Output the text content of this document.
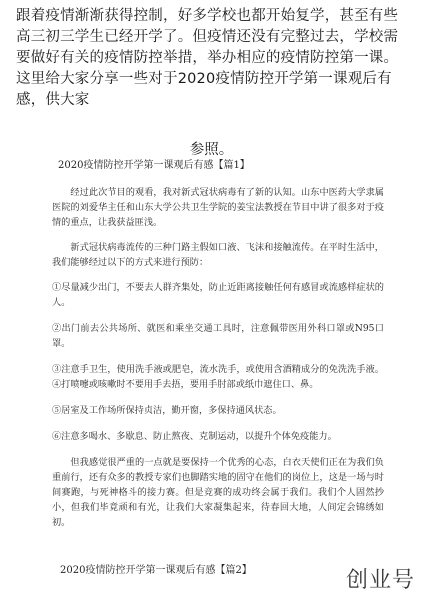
跟着疫情渐渐获得控制，好多学校也都开始复学，甚至有些高三初三学生已经开学了。但疫情还没有完整过去，学校需要做好有关的疫情防控举措，举办相应的疫情防控第一课。这里给大家分享一些对于2020疫情防控开学第一课观后有感，供大家
参照。
2020疫情防控开学第一课观后有感【篇1】

经过此次节目的观看，我对新式冠状病毒有了新的认知。山东中医药大学隶属医院的刘爱华主任和山东大学公共卫生学院的姜宝法教授在节目中讲了很多对于疫情的重点，让我获益匪浅。

新式冠状病毒流传的三种门路主假如口液、飞沫和接触流传。在平时生活中，我们能够经过以下的方式来进行预防：

①尽量减少出门，不要去人群齐集处，防止近距离接触任何有感冒或流感样症状的人。

②出门前去公共场所、就医和乘坐交通工具时，注意佩带医用外科口罩或N95口罩。

③注意手卫生，使用洗手液或肥皂，流水洗手，或使用含酒精成分的免洗洗手液。④打喷嚏或咳嗽时不要用手去捂，要用手肘部或纸巾遮住口、鼻。

⑤居室及工作场所保持贞洁，勤开窗，多保持通风状态。

⑥注意多喝水、多歇息、防止熬夜、克制运动，以提升个体免疫能力。

但我感觉很严重的一点就是要保持一个优秀的心态，白衣天使们正在为我们负重前行，还有众多的教授专家们也脚踏实地的固守在他们的岗位上，这是一场与时间赛跑，与死神格斗的接力赛。但是竞赛的成功终会属于我们。我们个人固然抄小，但我们毕竟顽和有光，让我们大家凝集起来，待春回大地，人间定会锦绣如初。

2020疫情防控开学第一课观后有感【篇2】	创业号
